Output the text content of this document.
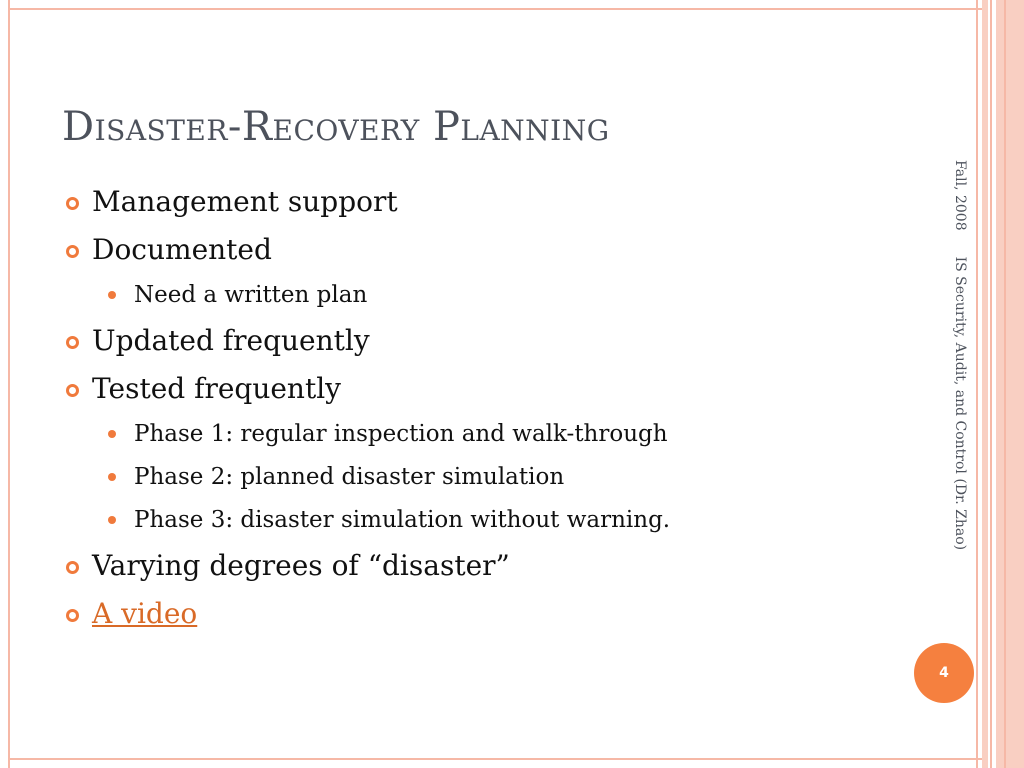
Disaster-Recovery Planning
Management support
Documented
Need a written plan
Updated frequently
Tested frequently
Phase 1: regular inspection and walk-through
Phase 2: planned disaster simulation
Phase 3: disaster simulation without warning.
Varying degrees of “disaster”
A video
Fall, 2008IS Security, Audit, and Control (Dr. Zhao)
4
